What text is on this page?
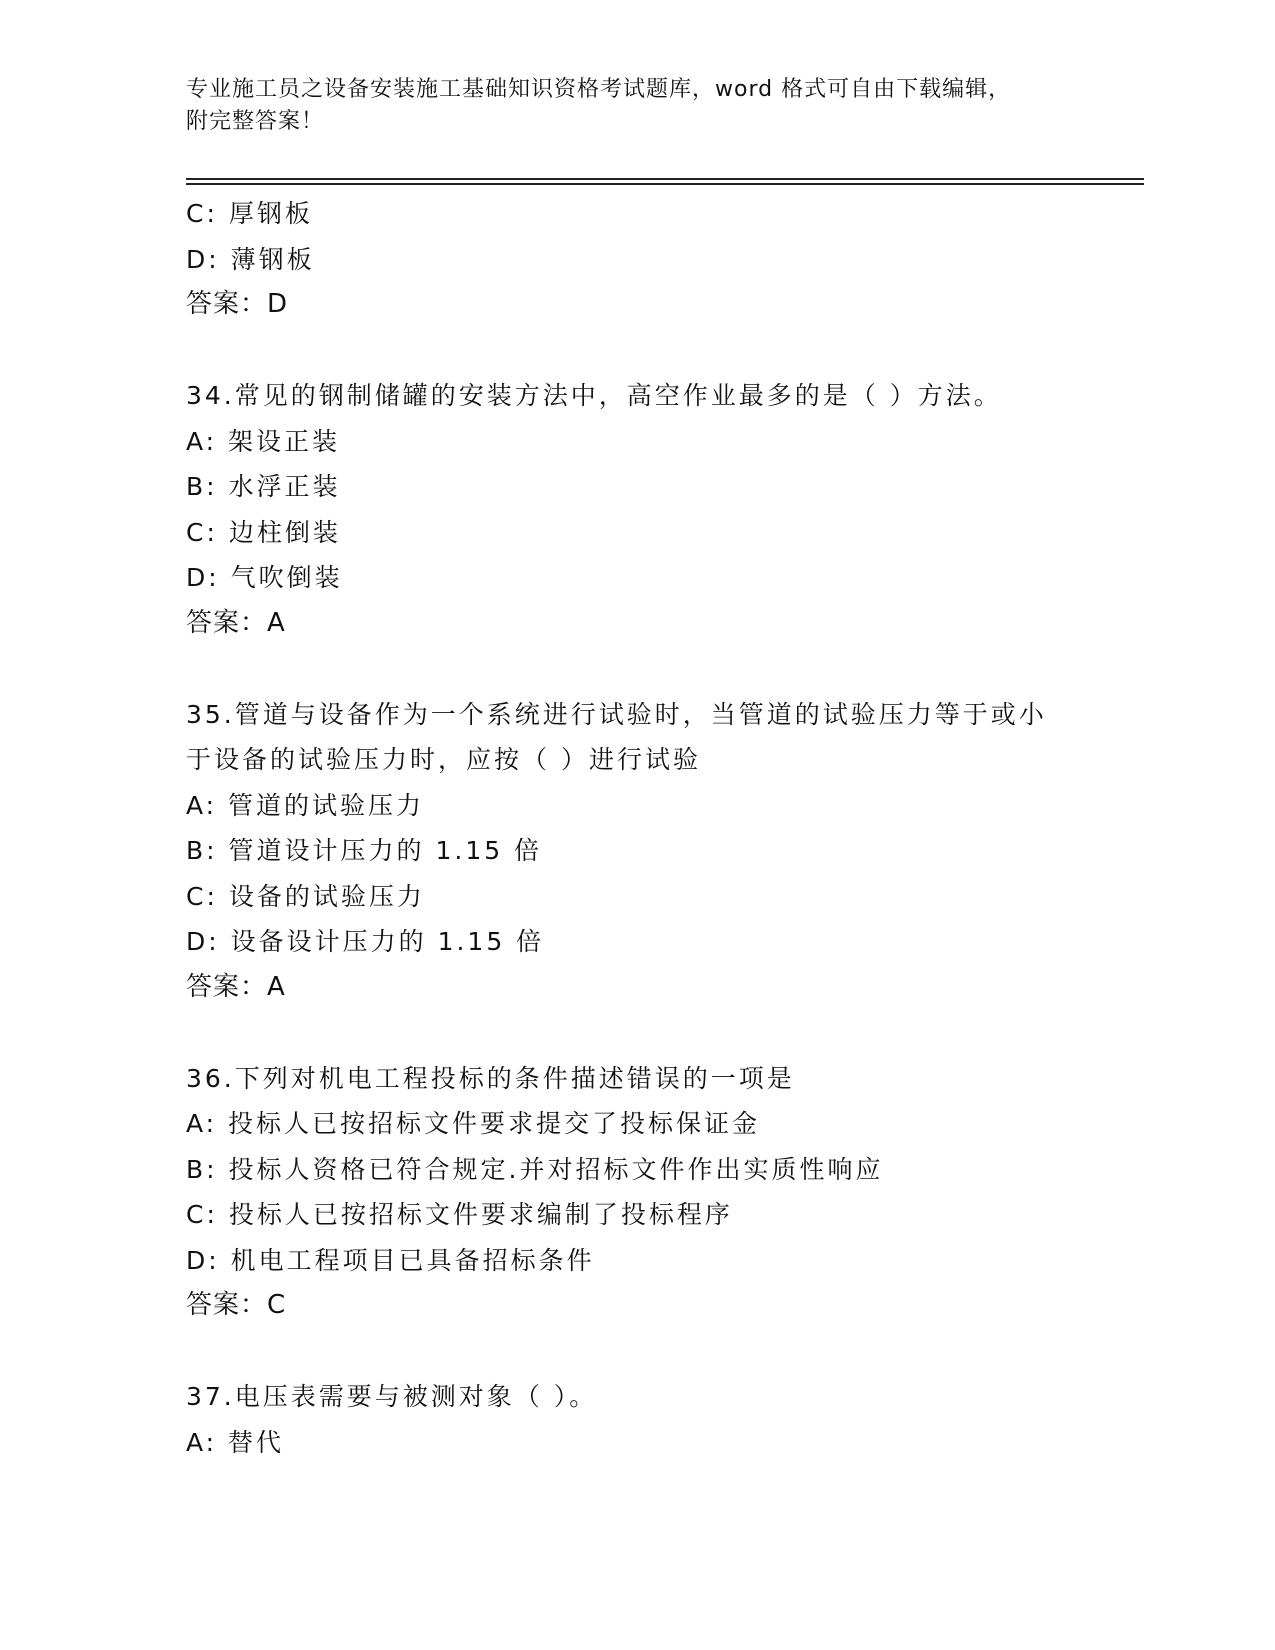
专业施工员之设备安装施工基础知识资格考试题库，word 格式可自由下载编辑，
附完整答案！
C: 厚钢板
D: 薄钢板
答案：D
34.常见的钢制储罐的安装方法中，高空作业最多的是（ ）方法。
A: 架设正装
B: 水浮正装
C: 边柱倒装
D: 气吹倒装
答案：A
35.管道与设备作为一个系统进行试验时，当管道的试验压力等于或小
于设备的试验压力时，应按（ ）进行试验
A: 管道的试验压力
B: 管道设计压力的 1.15 倍
C: 设备的试验压力
D: 设备设计压力的 1.15 倍
答案：A
36.下列对机电工程投标的条件描述错误的一项是
A: 投标人已按招标文件要求提交了投标保证金
B: 投标人资格已符合规定.并对招标文件作出实质性响应
C: 投标人已按招标文件要求编制了投标程序
D: 机电工程项目已具备招标条件
答案：C
37.电压表需要与被测对象（ ）。
A: 替代
